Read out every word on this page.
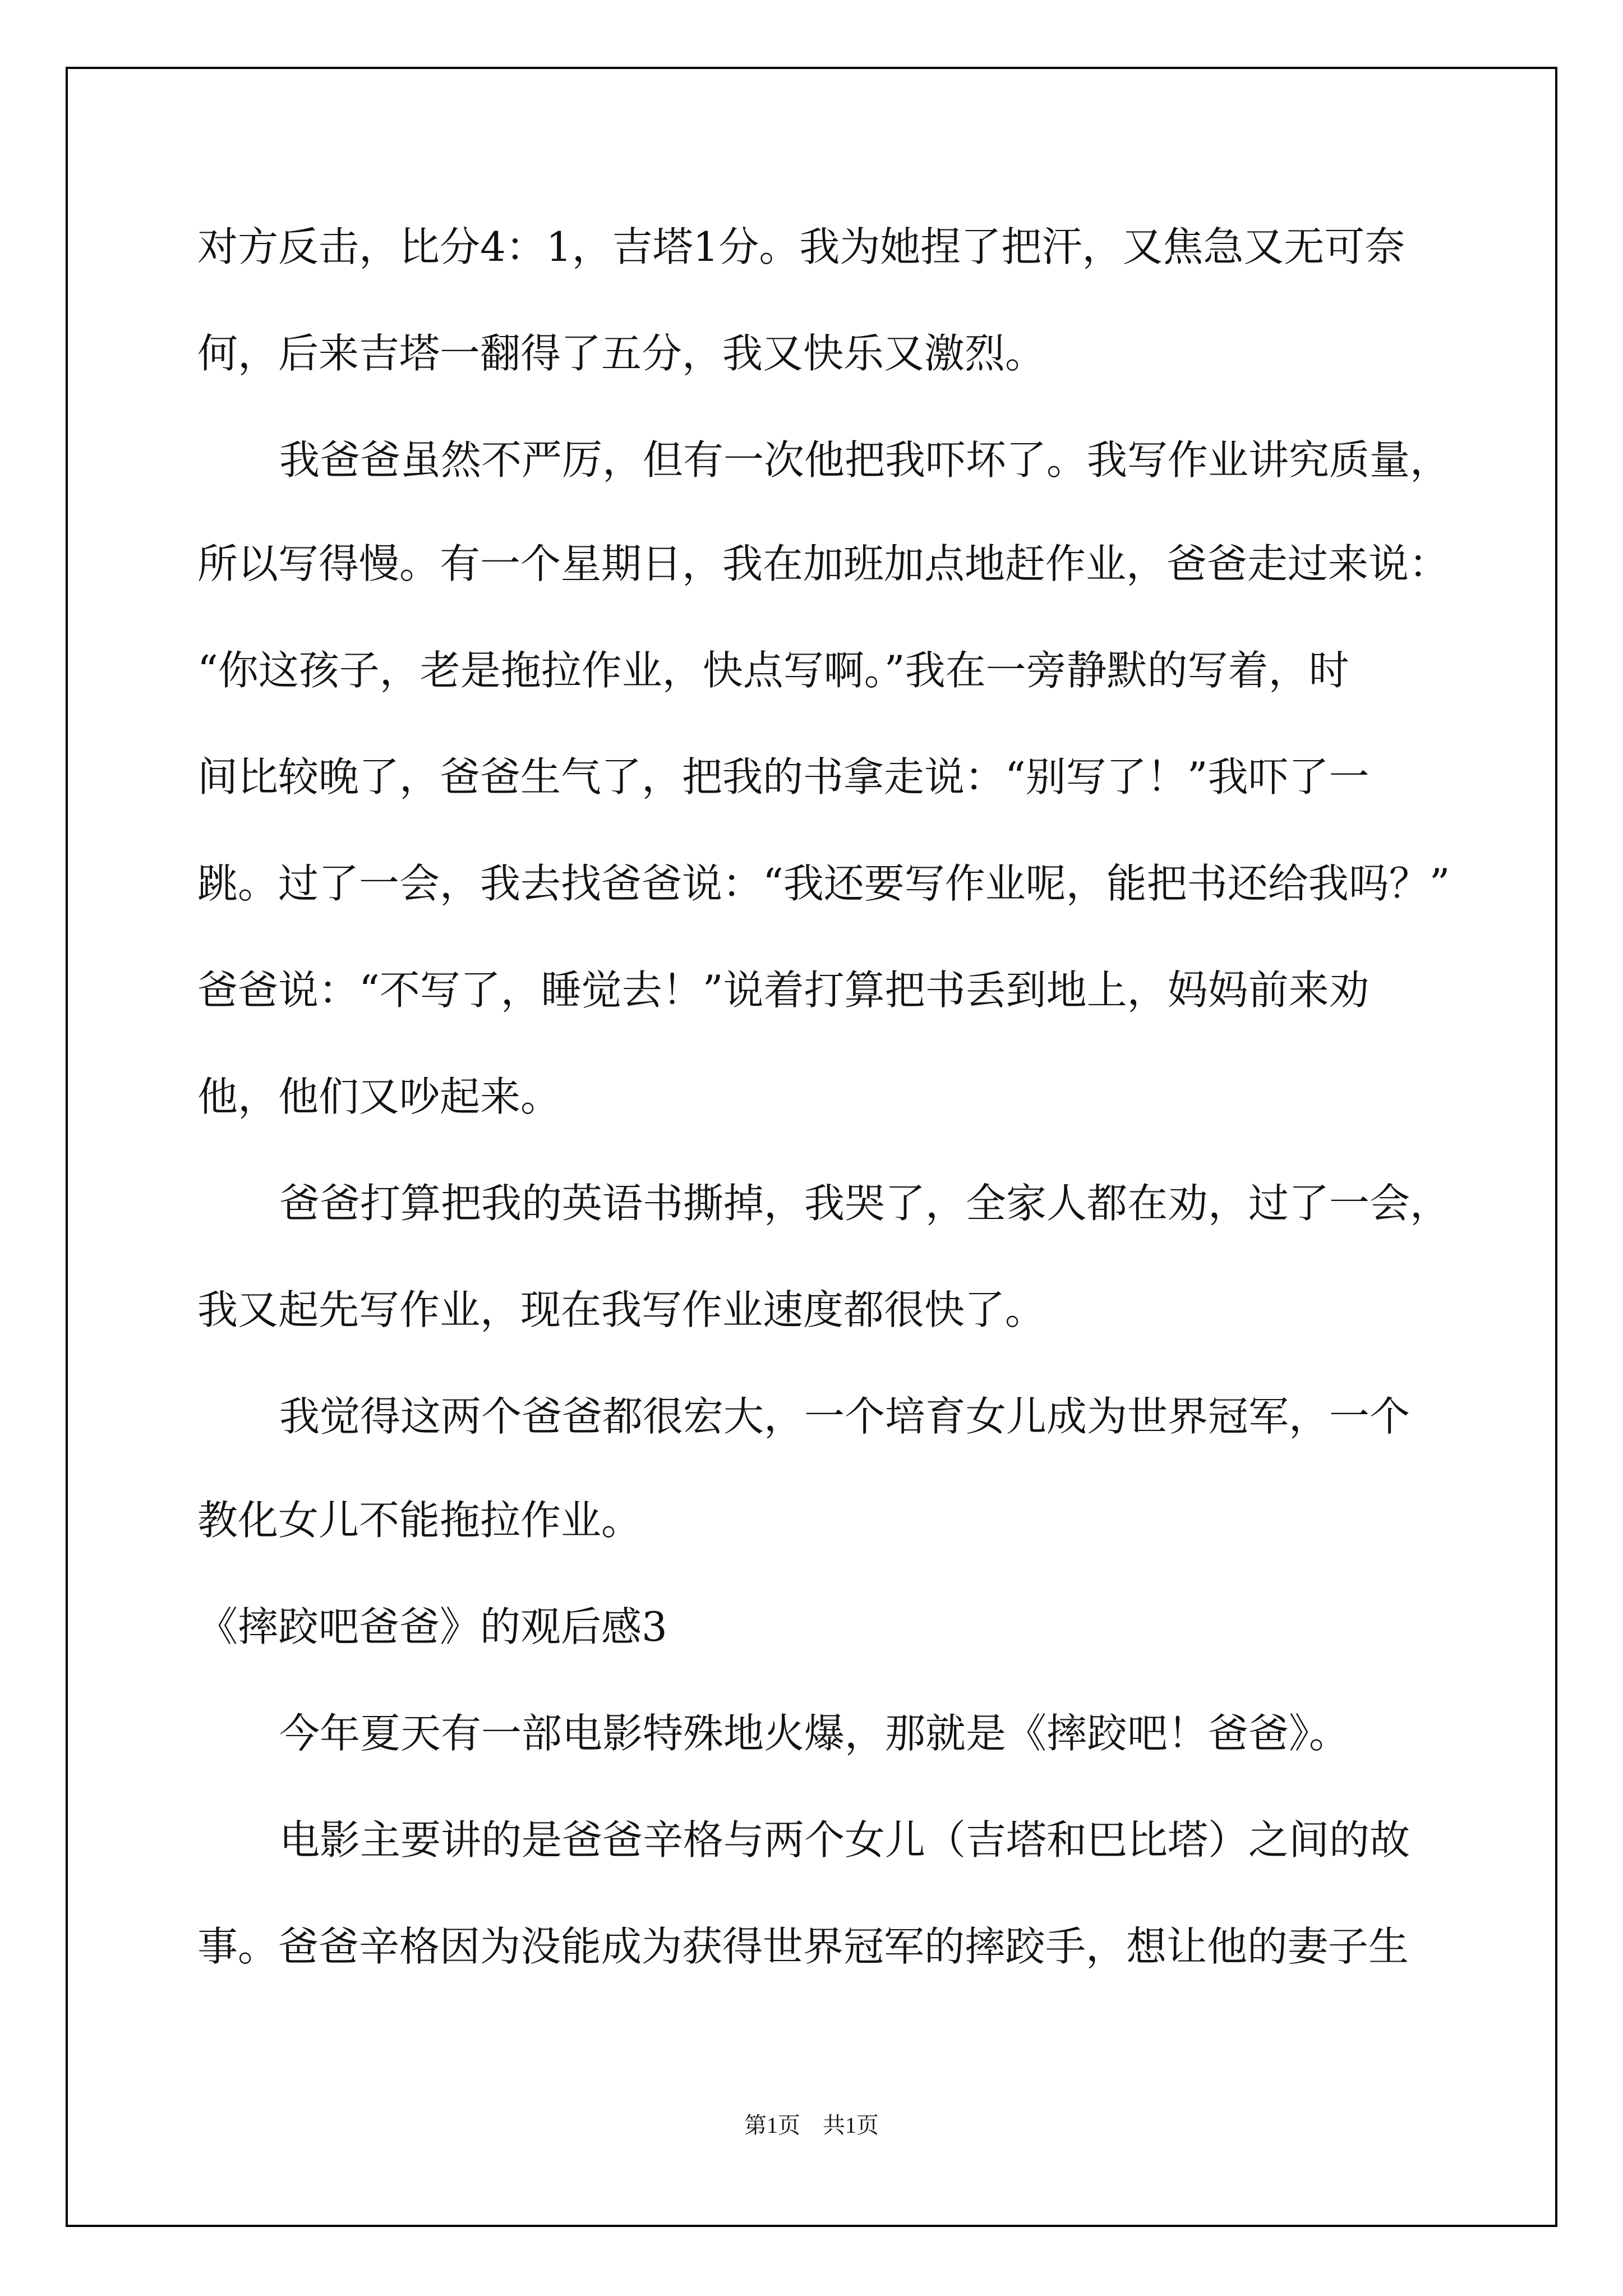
对方反击，比分4：1，吉塔1分。我为她捏了把汗，又焦急又无可奈

何，后来吉塔一翻得了五分，我又快乐又激烈。

我爸爸虽然不严厉，但有一次他把我吓坏了。我写作业讲究质量，

所以写得慢。有一个星期日，我在加班加点地赶作业，爸爸走过来说：

“你这孩子，老是拖拉作业，快点写啊。”我在一旁静默的写着，时

间比较晚了，爸爸生气了，把我的书拿走说：“别写了！”我吓了一

跳。过了一会，我去找爸爸说：“我还要写作业呢，能把书还给我吗？”

爸爸说：“不写了，睡觉去！”说着打算把书丢到地上，妈妈前来劝

他，他们又吵起来。

爸爸打算把我的英语书撕掉，我哭了，全家人都在劝，过了一会，

我又起先写作业，现在我写作业速度都很快了。

我觉得这两个爸爸都很宏大，一个培育女儿成为世界冠军，一个

教化女儿不能拖拉作业。

《摔跤吧爸爸》的观后感3

今年夏天有一部电影特殊地火爆，那就是《摔跤吧！爸爸》。

电影主要讲的是爸爸辛格与两个女儿（吉塔和巴比塔）之间的故

事。爸爸辛格因为没能成为获得世界冠军的摔跤手，想让他的妻子生

第1页　共1页
